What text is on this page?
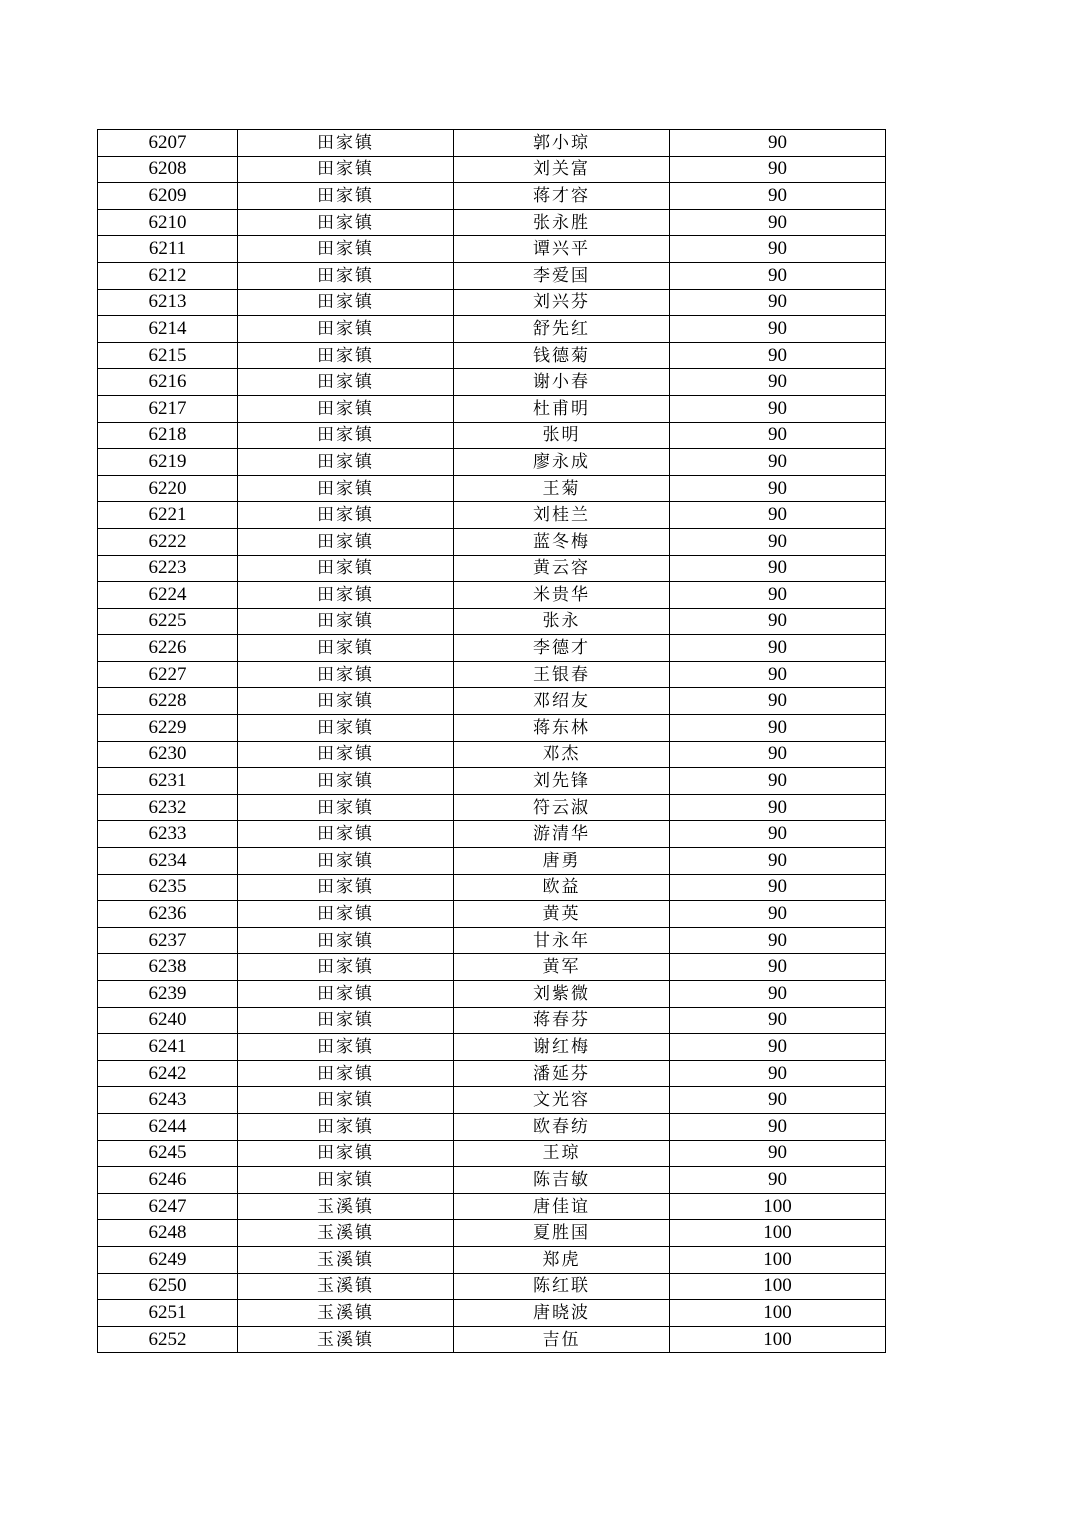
6207	田家镇	郭小琼	90
6208	田家镇	刘关富	90
6209	田家镇	蒋才容	90
6210	田家镇	张永胜	90
6211	田家镇	谭兴平	90
6212	田家镇	李爱国	90
6213	田家镇	刘兴芬	90
6214	田家镇	舒先红	90
6215	田家镇	钱德菊	90
6216	田家镇	谢小春	90
6217	田家镇	杜甫明	90
6218	田家镇	张明	90
6219	田家镇	廖永成	90
6220	田家镇	王菊	90
6221	田家镇	刘桂兰	90
6222	田家镇	蓝冬梅	90
6223	田家镇	黄云容	90
6224	田家镇	米贵华	90
6225	田家镇	张永	90
6226	田家镇	李德才	90
6227	田家镇	王银春	90
6228	田家镇	邓绍友	90
6229	田家镇	蒋东林	90
6230	田家镇	邓杰	90
6231	田家镇	刘先锋	90
6232	田家镇	符云淑	90
6233	田家镇	游清华	90
6234	田家镇	唐勇	90
6235	田家镇	欧益	90
6236	田家镇	黄英	90
6237	田家镇	甘永年	90
6238	田家镇	黄军	90
6239	田家镇	刘紫微	90
6240	田家镇	蒋春芬	90
6241	田家镇	谢红梅	90
6242	田家镇	潘延芬	90
6243	田家镇	文光容	90
6244	田家镇	欧春纺	90
6245	田家镇	王琼	90
6246	田家镇	陈吉敏	90
6247	玉溪镇	唐佳谊	100
6248	玉溪镇	夏胜国	100
6249	玉溪镇	郑虎	100
6250	玉溪镇	陈红联	100
6251	玉溪镇	唐晓波	100
6252	玉溪镇	吉伍	100
